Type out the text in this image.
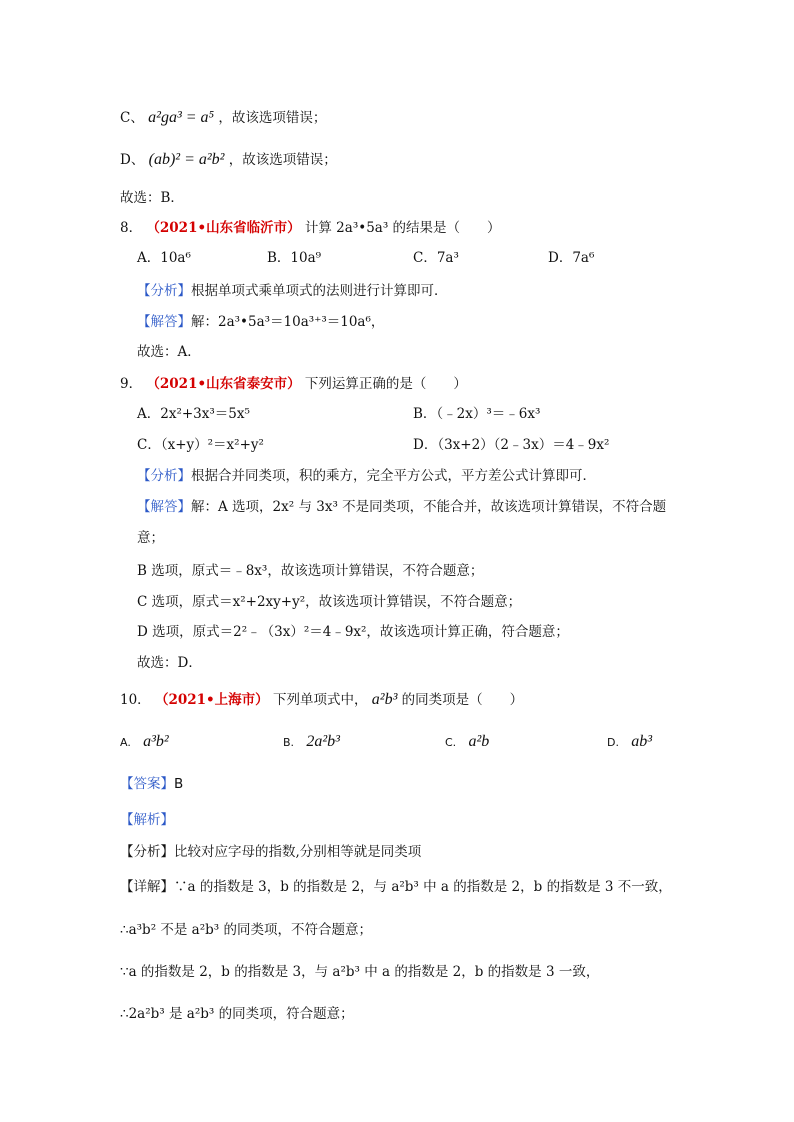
C、 a²ga³ = a⁵ ，故该选项错误；
D、 (ab)² = a²b² ，故该选项错误；
故选：B．
8． （2021•山东省临沂市） 计算 2a³•5a³ 的结果是（　　）
A．10a⁶	B．10a⁹	C．7a³	D．7a⁶
【分析】根据单项式乘单项式的法则进行计算即可．
【解答】解：2a³•5a³＝10a³⁺³＝10a⁶，
故选：A．
9． （2021•山东省泰安市） 下列运算正确的是（　　）
A．2x²+3x³＝5x⁵	B．（﹣2x）³＝﹣6x³
C．（x+y）²＝x²+y²	D．（3x+2）（2﹣3x）＝4﹣9x²
【分析】根据合并同类项，积的乘方，完全平方公式，平方差公式计算即可．
【解答】解：A 选项，2x² 与 3x³ 不是同类项，不能合并，故该选项计算错误，不符合题
意；
B 选项，原式＝﹣8x³，故该选项计算错误，不符合题意；
C 选项，原式＝x²+2xy+y²，故该选项计算错误，不符合题意；
D 选项，原式＝2²﹣（3x）²＝4﹣9x²，故该选项计算正确，符合题意；
故选：D．
10． （2021•上海市） 下列单项式中， a²b³ 的同类项是（　　）
A. a³b²	B. 2a²b³	C. a²b	D. ab³
【答案】B
【解析】
【分析】比较对应字母的指数,分别相等就是同类项
【详解】∵a 的指数是 3，b 的指数是 2，与 a²b³ 中 a 的指数是 2，b 的指数是 3 不一致，
∴a³b² 不是 a²b³ 的同类项，不符合题意；
∵a 的指数是 2，b 的指数是 3，与 a²b³ 中 a 的指数是 2，b 的指数是 3 一致，
∴2a²b³ 是 a²b³ 的同类项，符合题意；
